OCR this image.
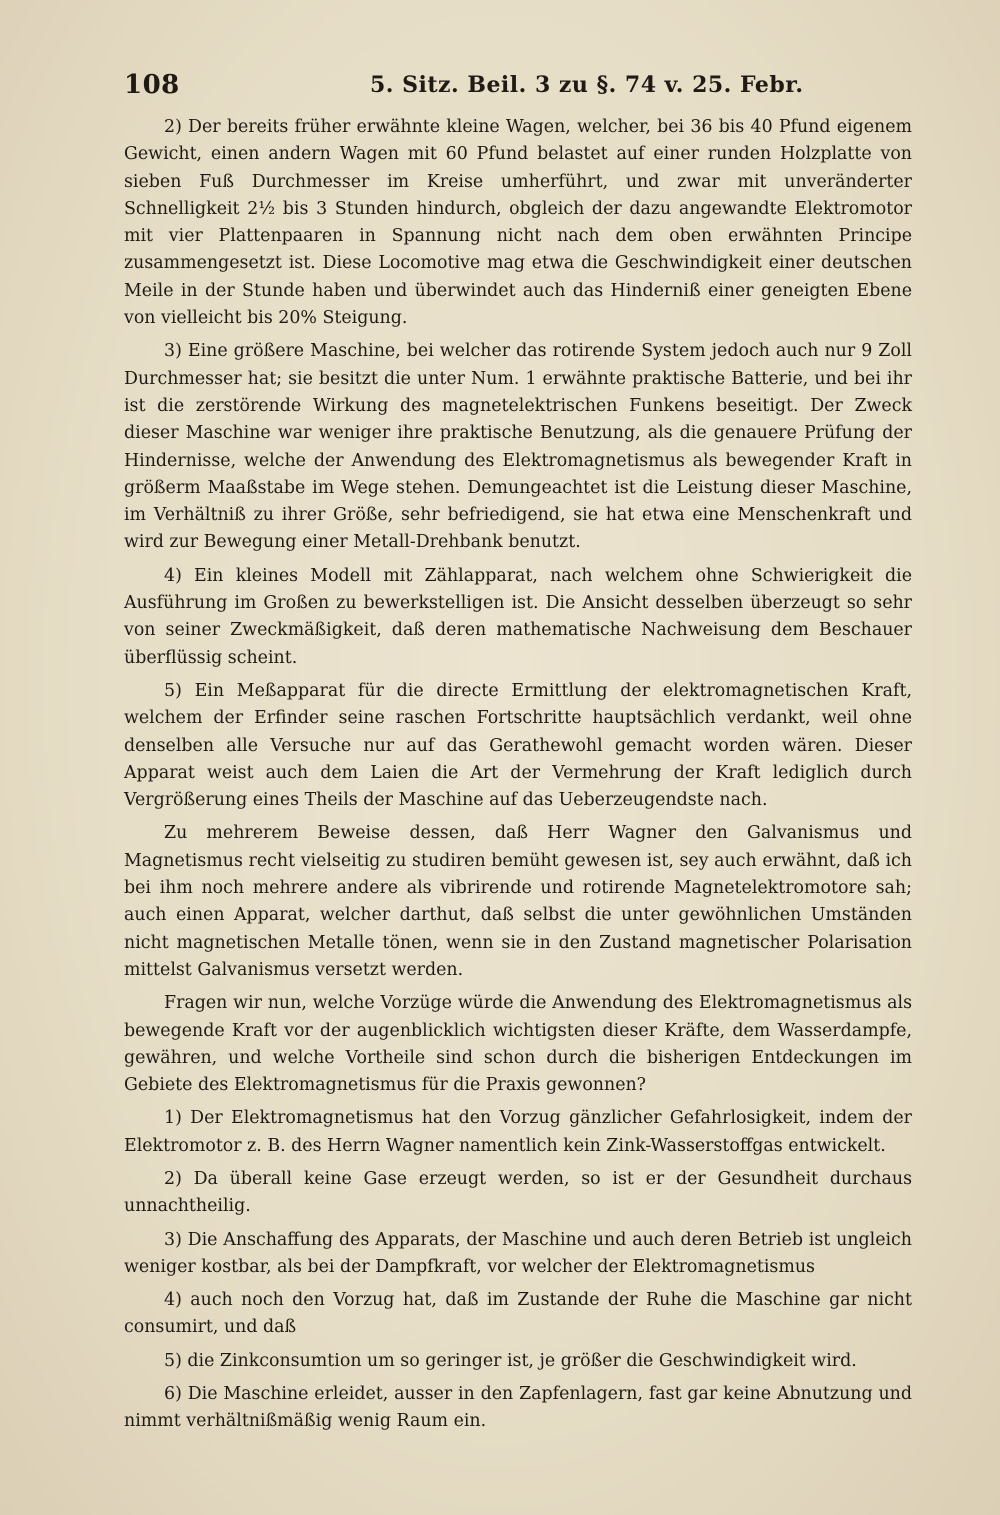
108	5. Sitz. Beil. 3 zu §. 74 v. 25. Febr.

2) Der bereits früher erwähnte kleine Wagen, welcher, bei 36 bis 40 Pfund eigenem Gewicht, einen andern Wagen mit 60 Pfund belastet auf einer runden Holzplatte von sieben Fuß Durchmesser im Kreise umherführt, und zwar mit unveränderter Schnelligkeit 2½ bis 3 Stunden hindurch, obgleich der dazu angewandte Elektromotor mit vier Plattenpaaren in Spannung nicht nach dem oben erwähnten Principe zusammengesetzt ist. Diese Locomotive mag etwa die Geschwindigkeit einer deutschen Meile in der Stunde haben und überwindet auch das Hinderniß einer geneigten Ebene von vielleicht bis 20% Steigung.

3) Eine größere Maschine, bei welcher das rotirende System jedoch auch nur 9 Zoll Durchmesser hat; sie besitzt die unter Num. 1 erwähnte praktische Batterie, und bei ihr ist die zerstörende Wirkung des magnetelektrischen Funkens beseitigt. Der Zweck dieser Maschine war weniger ihre praktische Benutzung, als die genauere Prüfung der Hindernisse, welche der Anwendung des Elektromagnetismus als bewegender Kraft in größerm Maaßstabe im Wege stehen. Demungeachtet ist die Leistung dieser Maschine, im Verhältniß zu ihrer Größe, sehr befriedigend, sie hat etwa eine Menschenkraft und wird zur Bewegung einer Metall-Drehbank benutzt.

4) Ein kleines Modell mit Zählapparat, nach welchem ohne Schwierigkeit die Ausführung im Großen zu bewerkstelligen ist. Die Ansicht desselben überzeugt so sehr von seiner Zweckmäßigkeit, daß deren mathematische Nachweisung dem Beschauer überflüssig scheint.

5) Ein Meßapparat für die directe Ermittlung der elektromagnetischen Kraft, welchem der Erfinder seine raschen Fortschritte hauptsächlich verdankt, weil ohne denselben alle Versuche nur auf das Gerathewohl gemacht worden wären. Dieser Apparat weist auch dem Laien die Art der Vermehrung der Kraft lediglich durch Vergrößerung eines Theils der Maschine auf das Ueberzeugendste nach.

Zu mehrerem Beweise dessen, daß Herr Wagner den Galvanismus und Magnetismus recht vielseitig zu studiren bemüht gewesen ist, sey auch erwähnt, daß ich bei ihm noch mehrere andere als vibrirende und rotirende Magnetelektromotore sah; auch einen Apparat, welcher darthut, daß selbst die unter gewöhnlichen Umständen nicht magnetischen Metalle tönen, wenn sie in den Zustand magnetischer Polarisation mittelst Galvanismus versetzt werden.

Fragen wir nun, welche Vorzüge würde die Anwendung des Elektromagnetismus als bewegende Kraft vor der augenblicklich wichtigsten dieser Kräfte, dem Wasserdampfe, gewähren, und welche Vortheile sind schon durch die bisherigen Entdeckungen im Gebiete des Elektromagnetismus für die Praxis gewonnen?

1) Der Elektromagnetismus hat den Vorzug gänzlicher Gefahrlosigkeit, indem der Elektromotor z. B. des Herrn Wagner namentlich kein Zink-Wasserstoffgas entwickelt.

2) Da überall keine Gase erzeugt werden, so ist er der Gesundheit durchaus unnachtheilig.

3) Die Anschaffung des Apparats, der Maschine und auch deren Betrieb ist ungleich weniger kostbar, als bei der Dampfkraft, vor welcher der Elektromagnetismus

4) auch noch den Vorzug hat, daß im Zustande der Ruhe die Maschine gar nicht consumirt, und daß

5) die Zinkconsumtion um so geringer ist, je größer die Geschwindigkeit wird.

6) Die Maschine erleidet, ausser in den Zapfenlagern, fast gar keine Abnutzung und nimmt verhältnißmäßig wenig Raum ein.
